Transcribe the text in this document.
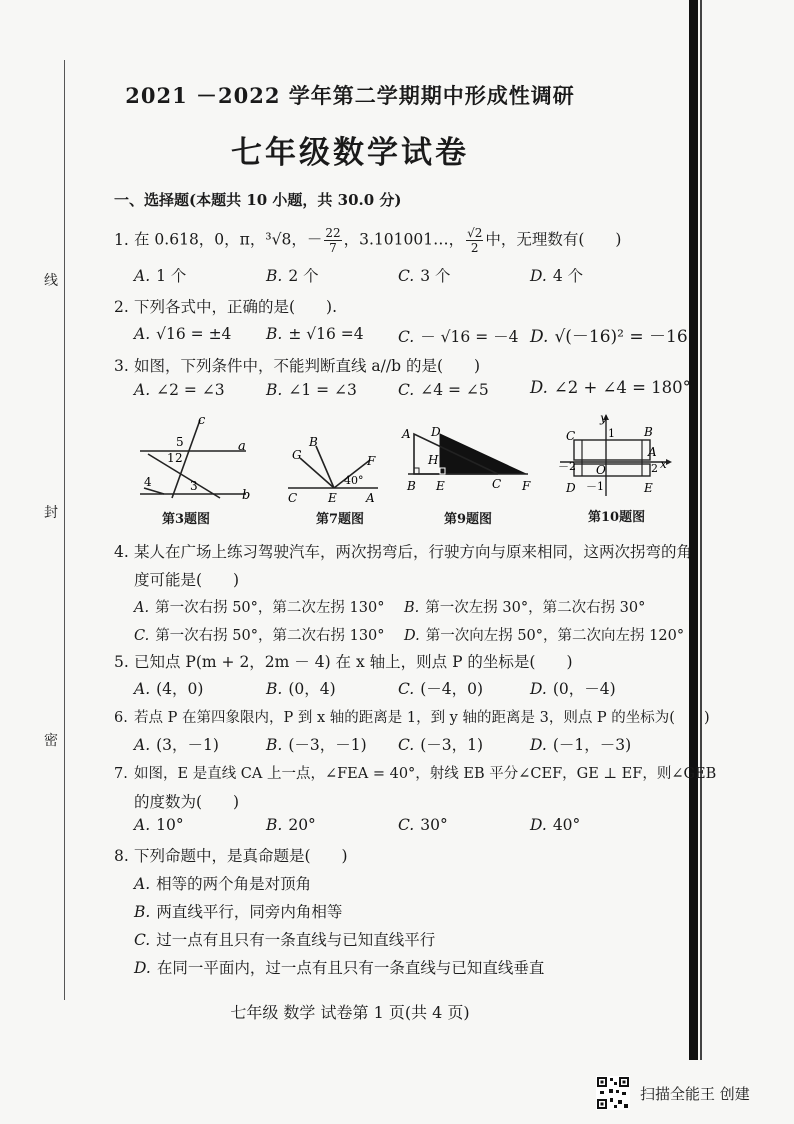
线
封
密
2021 －2022 学年第二学期期中形成性调研
七年级数学试卷
一、选择题(本题共 10 小题，共 30.0 分)
1. 在 0.618，0，π，³√8，－ $\frac{22}{7}$ ，3.101001…， $\frac{√2}{2}$ 中，无理数有(　　)
A. 1 个	B. 2 个	C. 3 个	D. 4 个
2. 下列各式中，正确的是(　　).
A. √16 = ±4 B. ± √16 =4 C. － √16 = －4 D. √(－16)² = －16
3. 如图，下列条件中，不能判断直线 a//b 的是(　　)
A. ∠2 = ∠3	B. ∠1 = ∠3	C. ∠4 = ∠5 D. ∠2 + ∠4 = 180°
c
a
b
5
1 2
4	3
第3题图
B
G	F
C	E A
40°
第7题图
A D
H
B E	C F
第9题图
y
x
C	B
A
D	E
O
1
－1
－2	2
第10题图
4. 某人在广场上练习驾驶汽车，两次拐弯后，行驶方向与原来相同，这两次拐弯的角
度可能是(　　)
A. 第一次右拐 50°，第二次左拐 130° B. 第一次左拐 30°，第二次右拐 30°
C. 第一次右拐 50°，第二次右拐 130° D. 第一次向左拐 50°，第二次向左拐 120°
5. 已知点 P(m + 2，2m － 4) 在 x 轴上，则点 P 的坐标是(　　)
A. (4，0)	B. (0，4)	C. (－4，0)	D. (0，－4)
6. 若点 P 在第四象限内，P 到 x 轴的距离是 1，到 y 轴的距离是 3，则点 P 的坐标为(　　)
A. (3，－1)	B. (－3，－1) C. (－3，1)	D. (－1，－3)
7. 如图，E 是直线 CA 上一点，∠FEA = 40°，射线 EB 平分∠CEF，GE ⊥ EF，则∠GEB
的度数为(　　)
A. 10°	B. 20°	C. 30°	D. 40°
8. 下列命题中，是真命题是(　　)
A. 相等的两个角是对顶角
B. 两直线平行，同旁内角相等
C. 过一点有且只有一条直线与已知直线平行
D. 在同一平面内，过一点有且只有一条直线与已知直线垂直
七年级 数学 试卷第 1 页(共 4 页)
扫描全能王 创建
